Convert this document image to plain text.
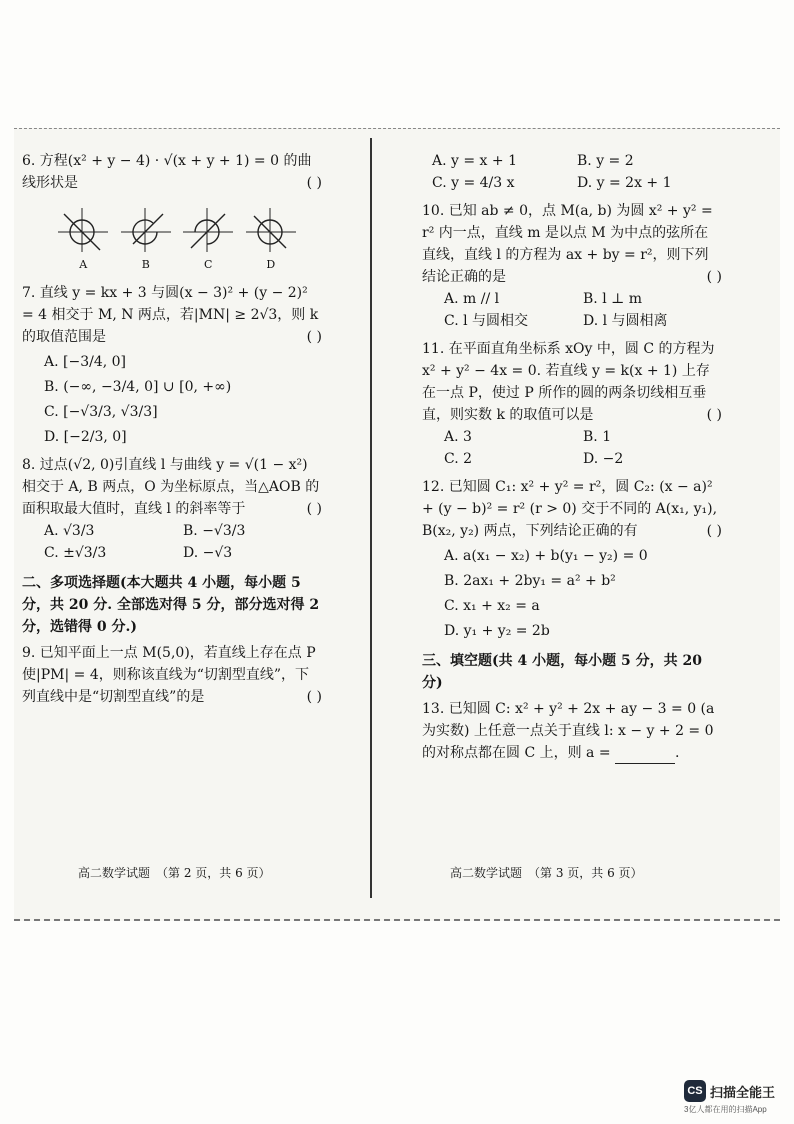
6. 方程(x² + y − 4) · √(x + y + 1) = 0 的曲线形状是	( )
A	B	C	D
7. 直线 y = kx + 3 与圆(x − 3)² + (y − 2)² = 4 相交于 M, N 两点，若|MN| ≥ 2√3，则 k 的取值范围是	( )
A. [−3/4, 0]
B. (−∞, −3/4, 0] ∪ [0, +∞)
C. [−√3/3, √3/3]
D. [−2/3, 0]
8. 过点(√2, 0)引直线 l 与曲线 y = √(1 − x²) 相交于 A, B 两点，O 为坐标原点，当△AOB 的面积取最大值时，直线 l 的斜率等于	( )
A. √3/3	B. −√3/3
C. ±√3/3	D. −√3
二、多项选择题(本大题共 4 小题，每小题 5 分，共 20 分. 全部选对得 5 分，部分选对得 2 分，选错得 0 分.)
9. 已知平面上一点 M(5,0)，若直线上存在点 P 使|PM| = 4，则称该直线为“切割型直线”，下列直线中是“切割型直线”的是	( )
高二数学试题　（第 2 页，共 6 页）
A. y = x + 1	B. y = 2
C. y = 4/3 x	D. y = 2x + 1
10. 已知 ab ≠ 0，点 M(a, b) 为圆 x² + y² = r² 内一点，直线 m 是以点 M 为中点的弦所在直线，直线 l 的方程为 ax + by = r²，则下列结论正确的是	( )
A. m // l	B. l ⊥ m
C. l 与圆相交	D. l 与圆相离
11. 在平面直角坐标系 xOy 中，圆 C 的方程为 x² + y² − 4x = 0. 若直线 y = k(x + 1) 上存在一点 P，使过 P 所作的圆的两条切线相互垂直，则实数 k 的取值可以是	( )
A. 3	B. 1
C. 2	D. −2
12. 已知圆 C₁: x² + y² = r²，圆 C₂: (x − a)² + (y − b)² = r² (r > 0) 交于不同的 A(x₁, y₁), B(x₂, y₂) 两点，下列结论正确的有	( )
A. a(x₁ − x₂) + b(y₁ − y₂) = 0
B. 2ax₁ + 2by₁ = a² + b²
C. x₁ + x₂ = a
D. y₁ + y₂ = 2b
三、填空题(共 4 小题，每小题 5 分，共 20 分)
13. 已知圆 C: x² + y² + 2x + ay − 3 = 0 (a 为实数) 上任意一点关于直线 l: x − y + 2 = 0 的对称点都在圆 C 上，则 a =	.
高二数学试题　（第 3 页，共 6 页）
CS 扫描全能王
3亿人都在用的扫描App
